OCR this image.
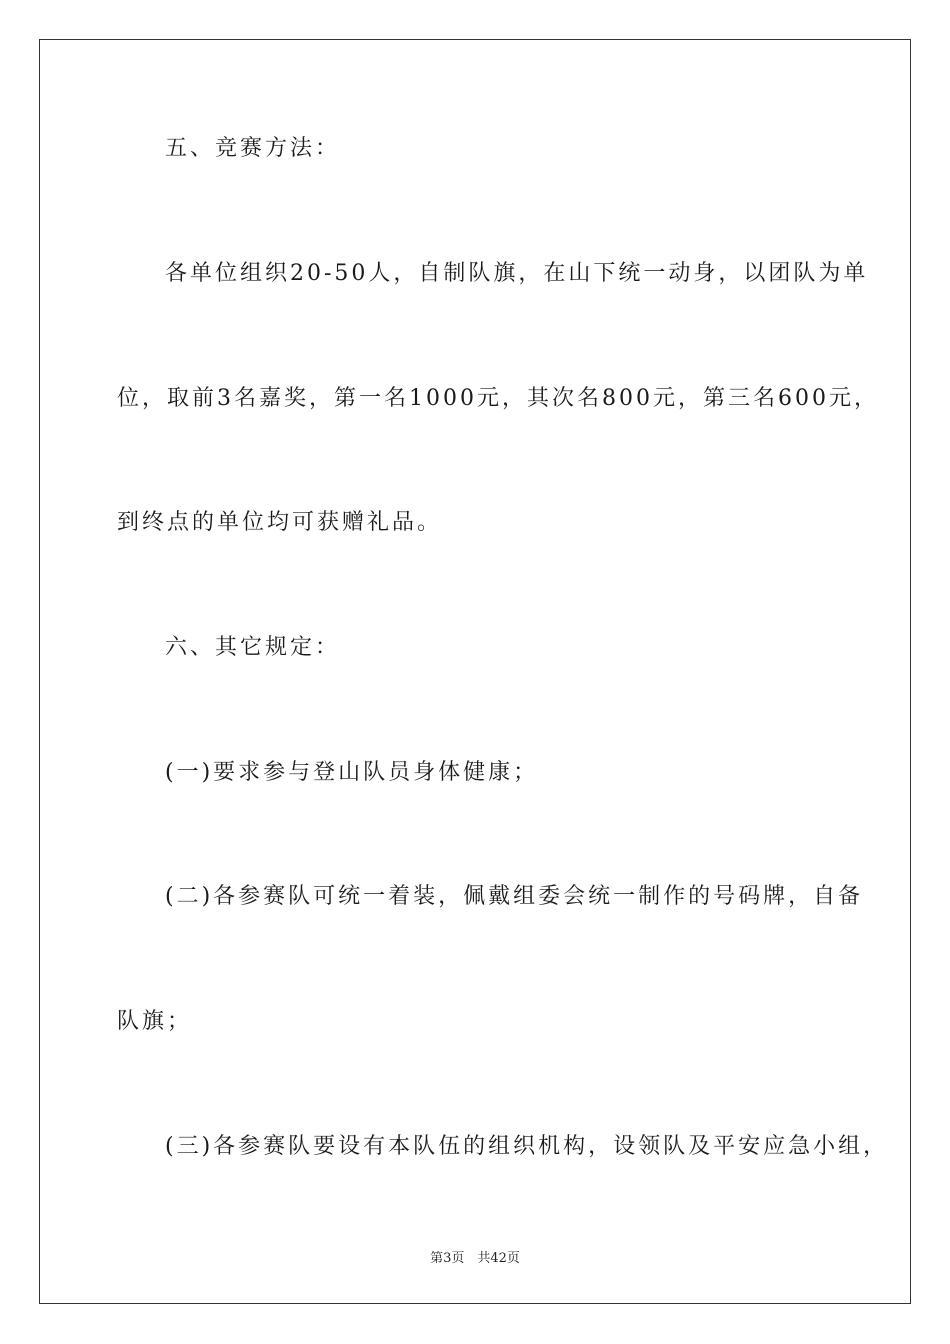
五、竞赛方法：
各单位组织20-50人，自制队旗，在山下统一动身，以团队为单
位，取前3名嘉奖，第一名1000元，其次名800元，第三名600元，
到终点的单位均可获赠礼品。
六、其它规定：
(一)要求参与登山队员身体健康；
(二)各参赛队可统一着装，佩戴组委会统一制作的号码牌，自备
队旗；
(三)各参赛队要设有本队伍的组织机构，设领队及平安应急小组，
第3页　共42页
